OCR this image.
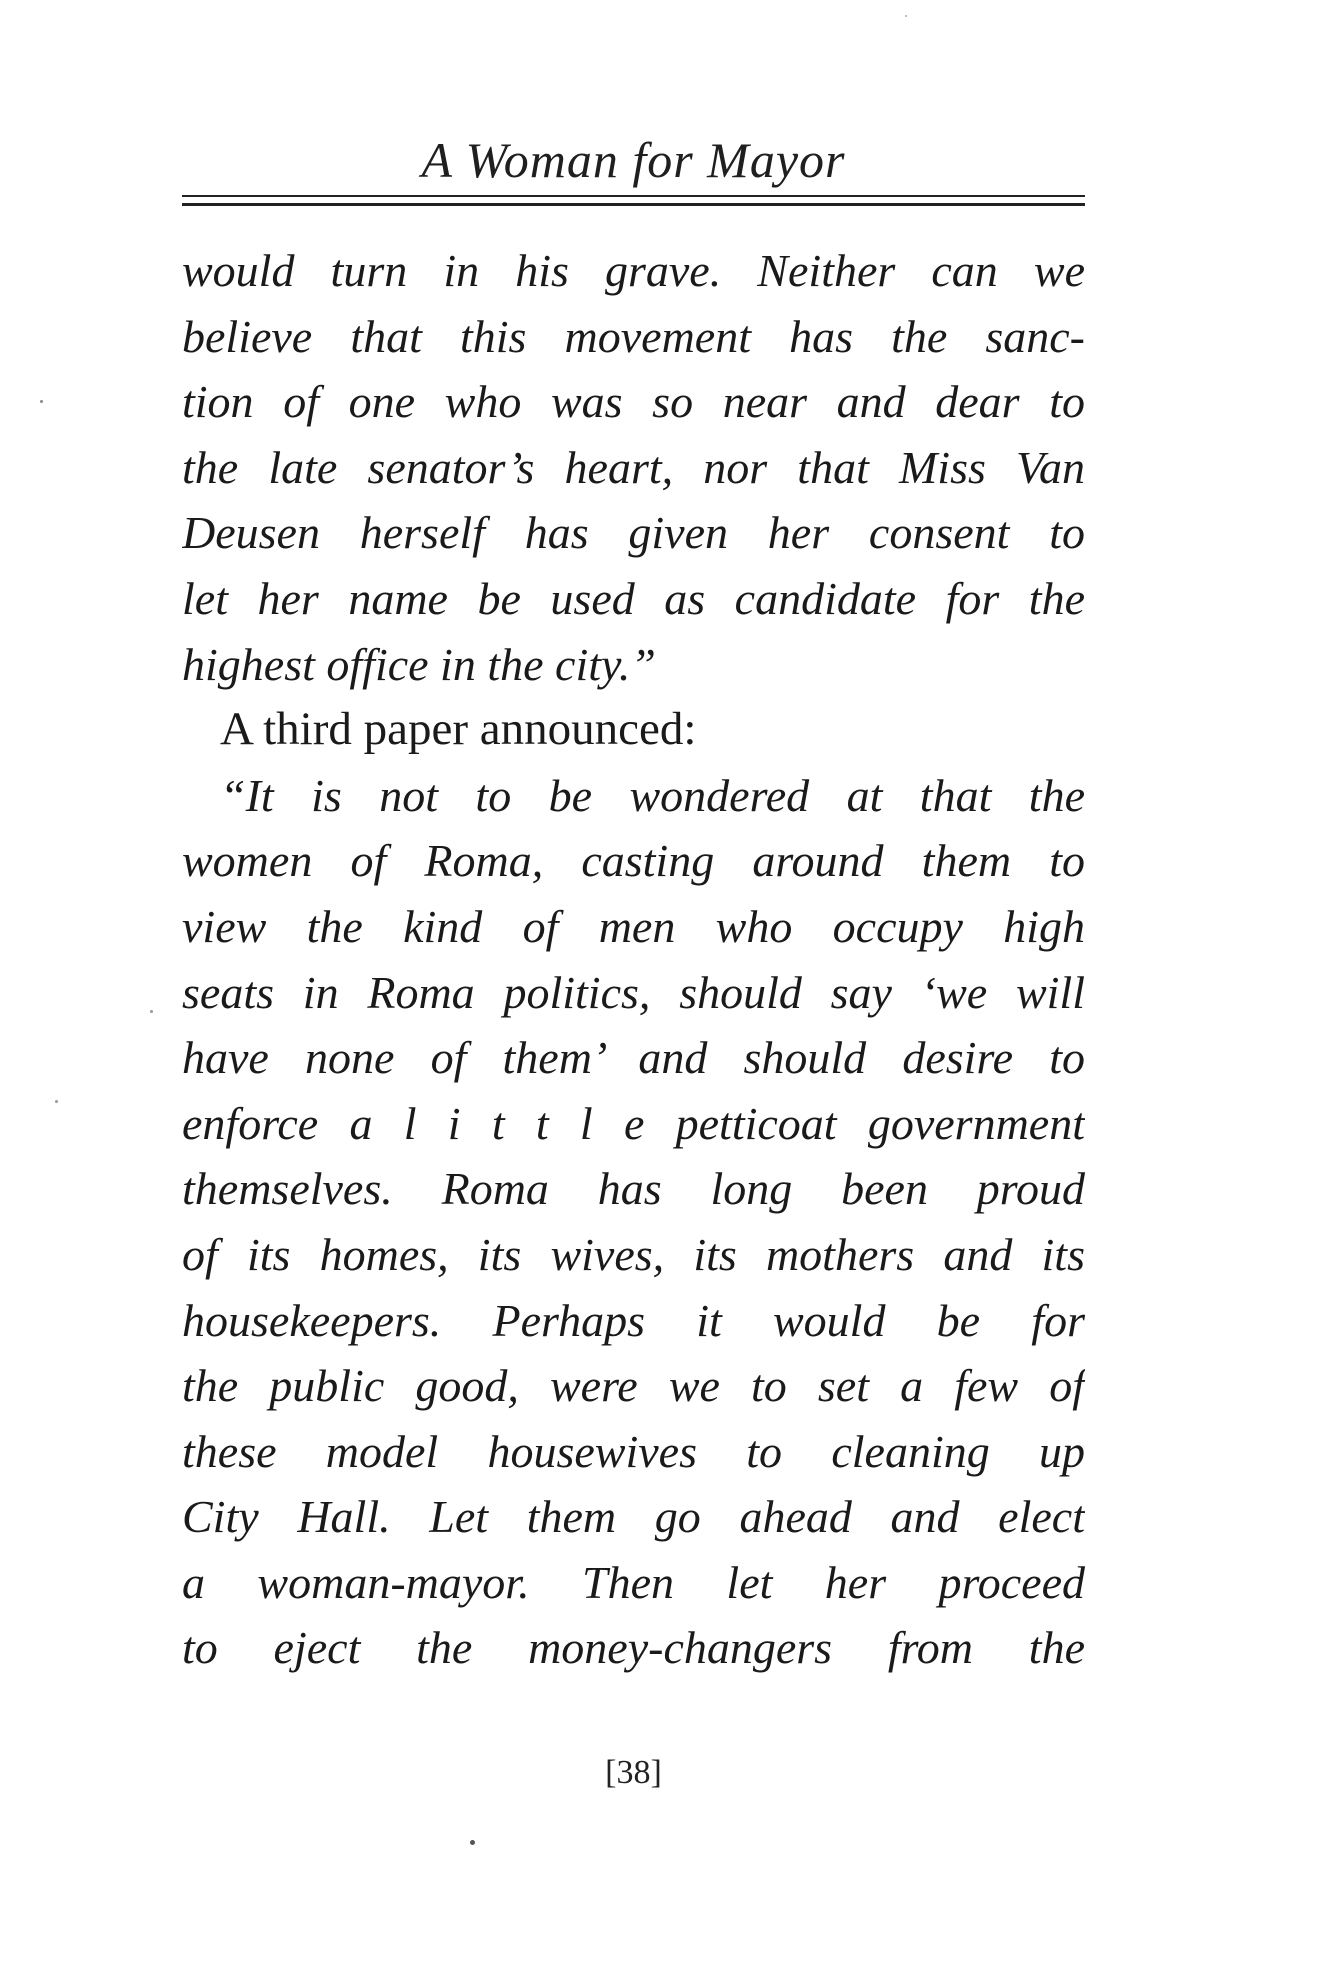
A Woman for Mayor
would turn in his grave. Neither can we
believe that this movement has the sanc-
tion of one who was so near and dear to
the late senator’s heart, nor that Miss Van
Deusen herself has given her consent to
let her name be used as candidate for the
highest office in the city.”
A third paper announced:
“It is not to be wondered at that the
women of Roma, casting around them to
view the kind of men who occupy high
seats in Roma politics, should say ‘we will
have none of them’ and should desire to
enforce a l i t t l e petticoat government
themselves. Roma has long been proud
of its homes, its wives, its mothers and its
housekeepers. Perhaps it would be for
the public good, were we to set a few of
these model housewives to cleaning up
City Hall. Let them go ahead and elect
a woman-mayor. Then let her proceed
to eject the money-changers from the
[38]
